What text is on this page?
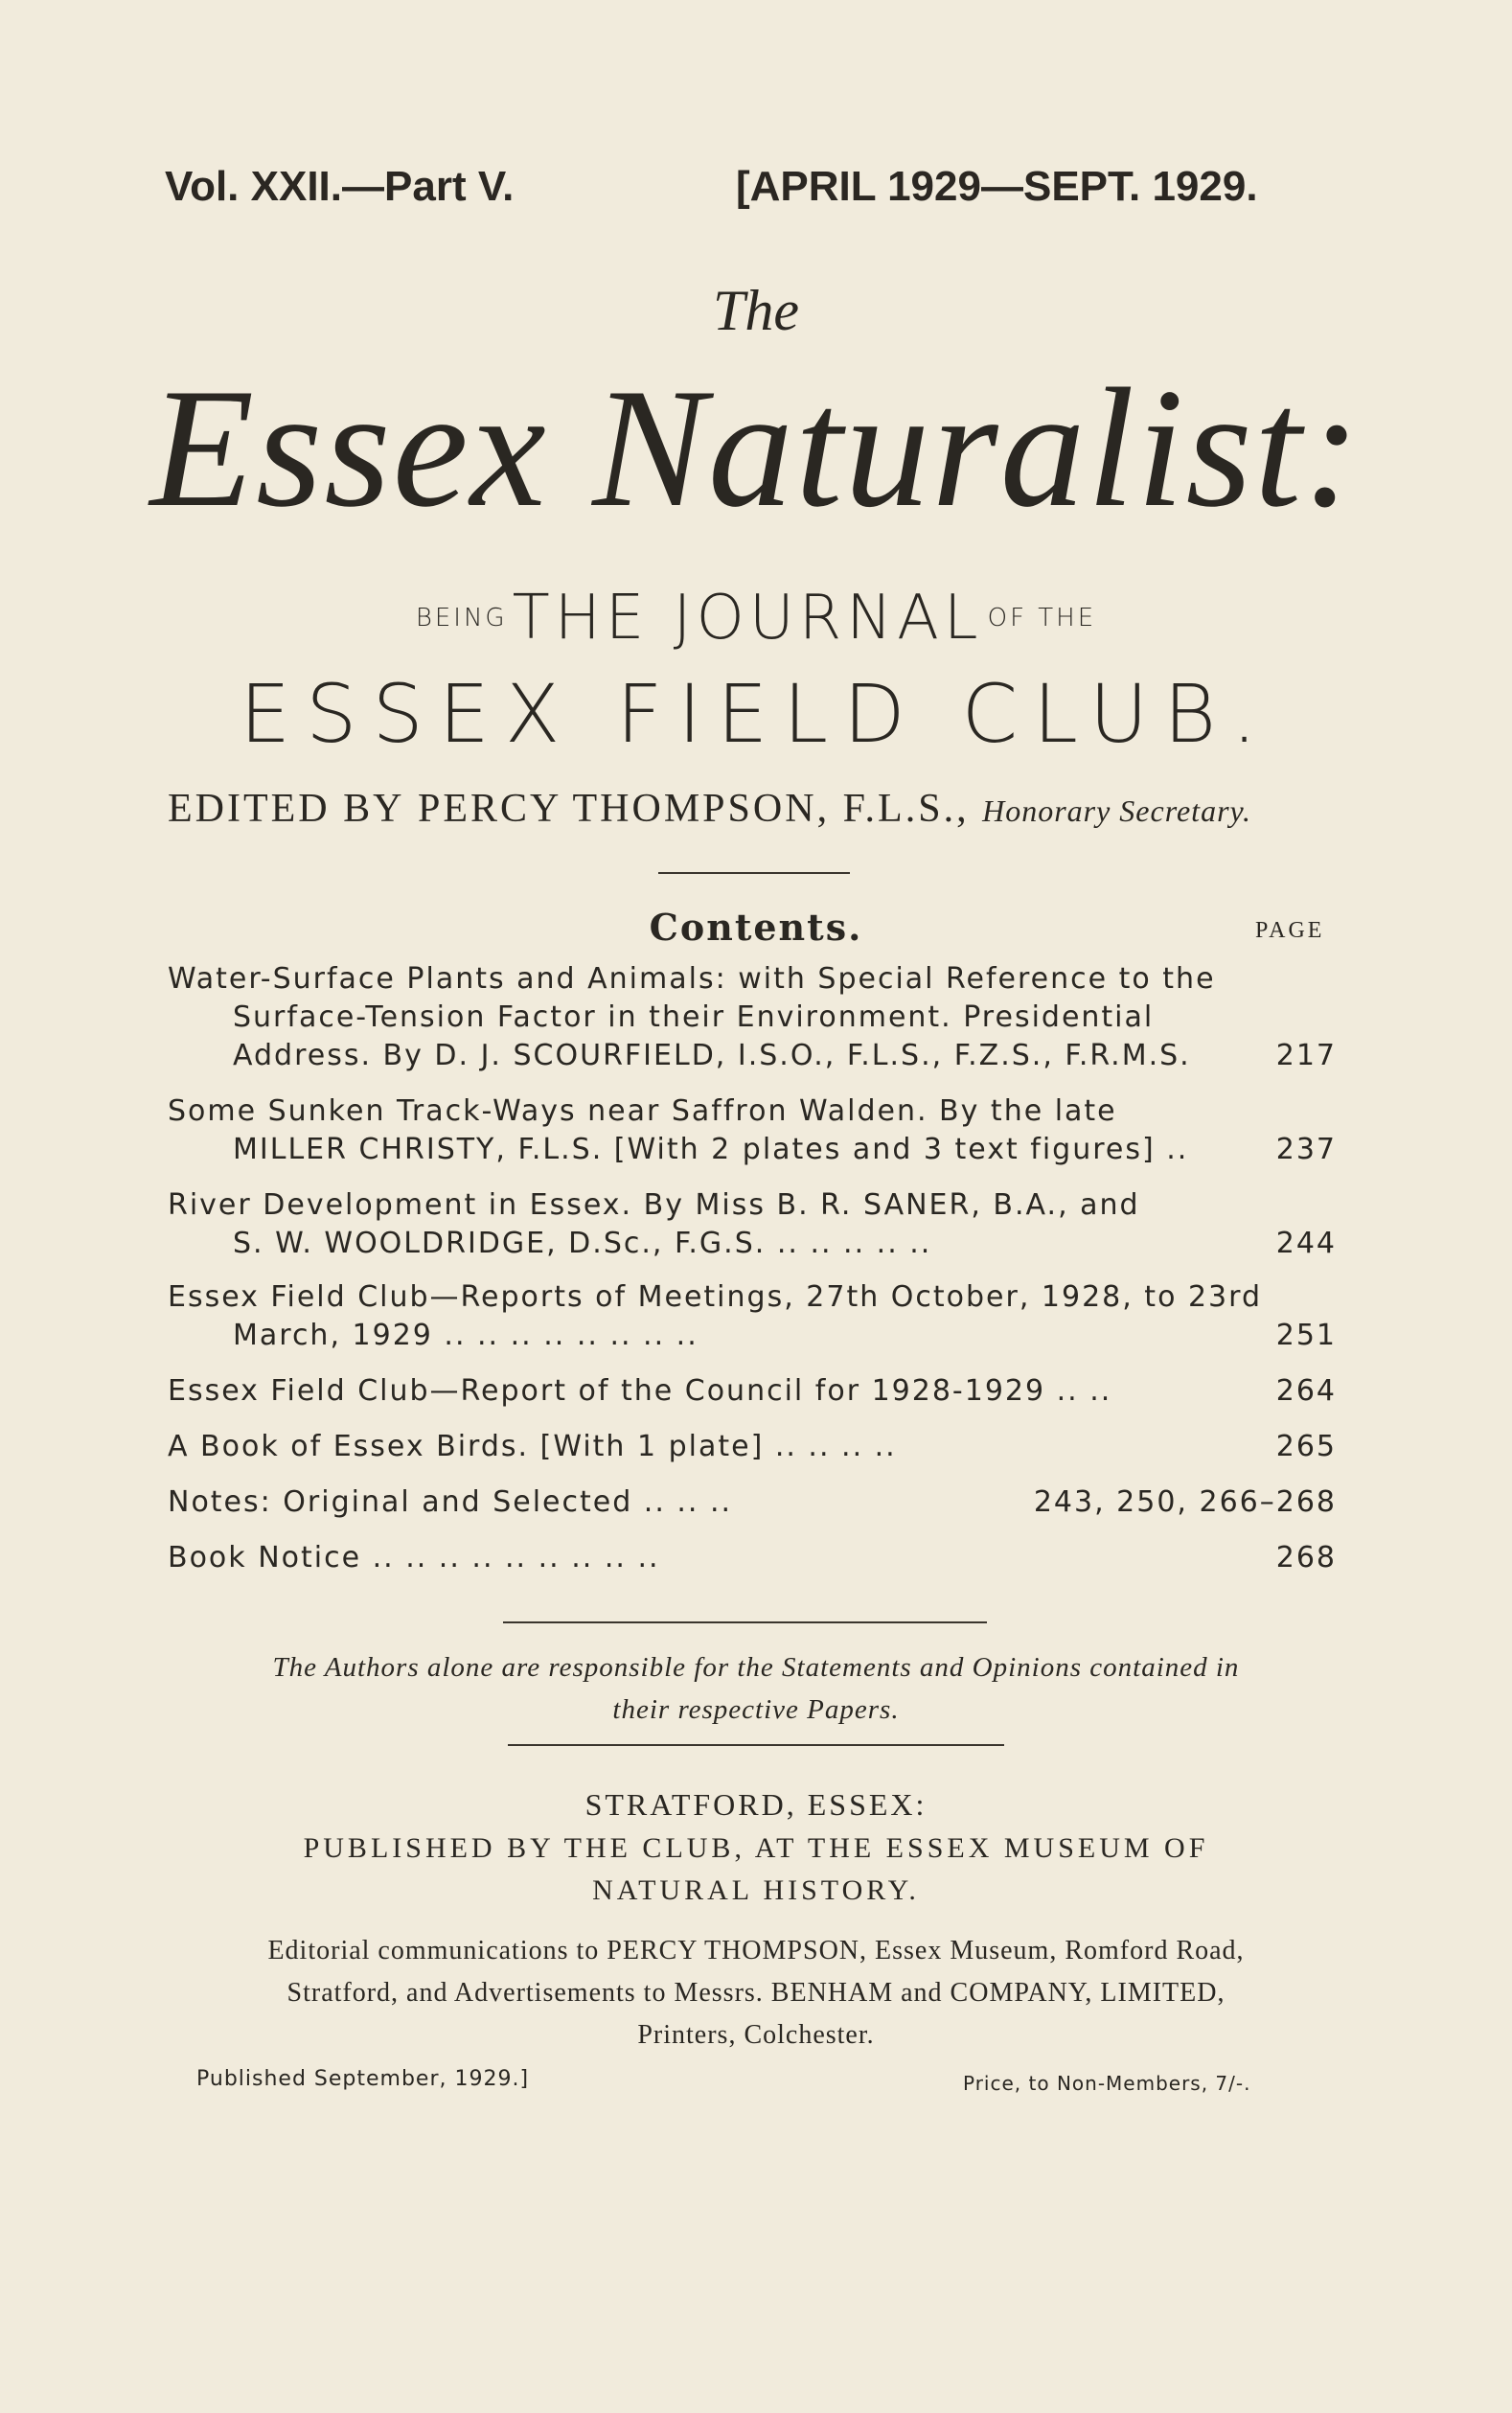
Vol. XXII.—Part V.	[APRIL 1929—SEPT. 1929.
The
Essex Naturalist:
BEING THE JOURNAL OF THE
ESSEX FIELD CLUB.
EDITED BY PERCY THOMPSON, F.L.S., Honorary Secretary.
Contents.	PAGE
Water-Surface Plants and Animals: with Special Reference to the
Surface-Tension Factor in their Environment. Presidential
Address. By D. J. SCOURFIELD, I.S.O., F.L.S., F.Z.S., F.R.M.S.	217
Some Sunken Track-Ways near Saffron Walden. By the late
MILLER CHRISTY, F.L.S. [With 2 plates and 3 text figures] ..	237
River Development in Essex. By Miss B. R. SANER, B.A., and
S. W. WOOLDRIDGE, D.Sc., F.G.S. .. .. .. .. ..	244
Essex Field Club—Reports of Meetings, 27th October, 1928, to 23rd
March, 1929 .. .. .. .. .. .. .. ..	251
Essex Field Club—Report of the Council for 1928-1929 .. ..	264
A Book of Essex Birds. [With 1 plate] .. .. .. ..	265
Notes: Original and Selected .. .. ..	243, 250, 266–268
Book Notice .. .. .. .. .. .. .. .. ..	268
The Authors alone are responsible for the Statements and Opinions contained in
their respective Papers.
STRATFORD, ESSEX:
PUBLISHED BY THE CLUB, AT THE ESSEX MUSEUM OF
NATURAL HISTORY.
Editorial communications to PERCY THOMPSON, Essex Museum, Romford Road,
Stratford, and Advertisements to Messrs. BENHAM and COMPANY, LIMITED,
Printers, Colchester.
Published September, 1929.]	Price, to Non-Members, 7/-.
